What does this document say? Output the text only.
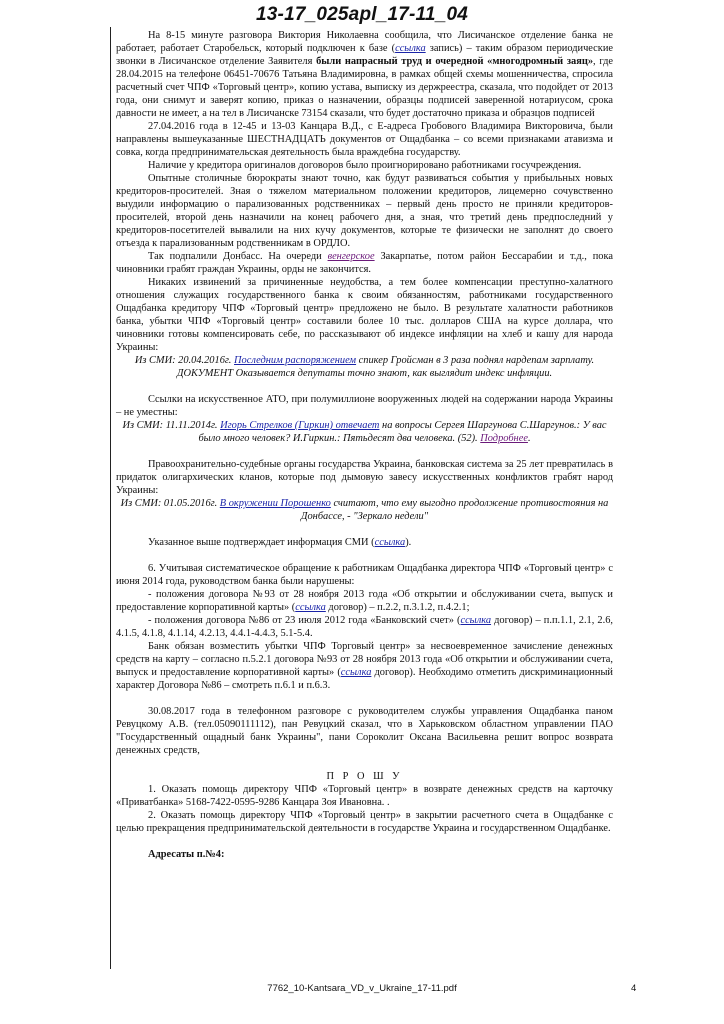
13-17_025apl_17-11_04

На 8-15 минуте разговора Виктория Николаевна сообщила, что Лисичанское отделение банка не работает, работает Старобельск, который подключен к базе (ссылка запись) – таким образом периодические звонки в Лисичанское отделение Заявителя были напрасный труд и очередной «многодромный заяц», где 28.04.2015 на телефоне 06451-70676 Татьяна Владимировна, в рамках общей схемы мошенничества, спросила расчетный счет ЧПФ «Торговый центр», копию устава, выписку из держреестра, сказала, что подойдет от 2013 года, они снимут и заверят копию, приказ о назначении, образцы подписей заверенной нотариусом, срока давности не имеет, а на тел в Лисичанске 73154 сказали, что будет достаточно приказа и образцов подписей

27.04.2016 года в 12-45 и 13-03 Канцара В.Д., с Е-адреса Гробового Владимира Викторовича, были направлены вышеуказанные ШЕСТНАДЦАТЬ документов от Ощадбанка – со всеми признаками атавизма и совка, когда предпринимательская деятельность была враждебна государству.

Наличие у кредитора оригиналов договоров было проигнорировано работниками госучреждения.

Опытные столичные бюрократы знают точно, как будут развиваться события у прибыльных новых кредиторов-просителей. Зная о тяжелом материальном положении кредиторов, лицемерно сочувственно выудили информацию о парализованных родственниках – первый день просто не приняли кредиторов-просителей, второй день назначили на конец рабочего дня, а зная, что третий день предпоследний у кредиторов-посетителей вывалили на них кучу документов, которые те физически не заполнят до своего отъезда к парализованным родственникам в ОРДЛО.

Так подпалили Донбасс. На очереди венгерское Закарпатье, потом район Бессарабии и т.д., пока чиновники грабят граждан Украины, орды не закончится.

Никаких извинений за причиненные неудобства, а тем более компенсации преступно-халатного отношения служащих государственного банка к своим обязанностям, работниками государственного Ощадбанка кредитору ЧПФ «Торговый центр» предложено не было. В результате халатности работников банка, убытки ЧПФ «Торговый центр» составили более 10 тыс. долларов США на курсе доллара, что чиновники готовы компенсировать себе, по рассказывают об индексе инфляции на хлеб и кашу для народа Украины:

Из СМИ: 20.04.2016г. Последним распоряжением спикер Гройсман в 3 раза поднял нардепам зарплату. ДОКУМЕНТ Оказывается депутаты точно знают, как выглядит индекс инфляции.

Ссылки на искусственное АТО, при полумиллионе вооруженных людей на содержании народа Украины – не уместны:

Из СМИ: 11.11.2014г. Игорь Стрелков (Гиркин) отвечает на вопросы Сергея Шаргунова С.Шаргунов.: У вас было много человек? И.Гиркин.: Пятьдесят два человека. (52). Подробнее.

Правоохранительно-судебные органы государства Украина, банковская система за 25 лет превратилась в придаток олигархических кланов, которые под дымовую завесу искусственных конфликтов грабят народ Украины:

Из СМИ: 01.05.2016г. В окружении Порошенко считают, что ему выгодно продолжение противостояния на Донбассе, - "Зеркало недели"

Указанное выше подтверждает информация СМИ (ссылка).

6. Учитывая систематическое обращение к работникам Ощадбанка директора ЧПФ «Торговый центр» с июня 2014 года, руководством банка были нарушены:

- положения договора №93 от 28 ноября 2013 года «Об открытии и обслуживании счета, выпуск и предоставление корпоративной карты» (ссылка договор) – п.2.2, п.3.1.2, п.4.2.1;

- положения договора №86 от 23 июля 2012 года «Банковский счет» (ссылка договор) – п.п.1.1, 2.1, 2.6, 4.1.5, 4.1.8, 4.1.14, 4.2.13, 4.4.1-4.4.3, 5.1-5.4.

Банк обязан возместить убытки ЧПФ Торговый центр» за несвоевременное зачисление денежных средств на карту – согласно п.5.2.1 договора №93 от 28 ноября 2013 года «Об открытии и обслуживании счета, выпуск и предоставление корпоративной карты» (ссылка договор). Необходимо отметить дискриминационный характер Договора №86 – смотреть п.6.1 и п.6.3.

30.08.2017 года в телефонном разговоре с руководителем службы управления Ощадбанка паном Ревуцкому А.В. (тел.05090111112), пан Ревуцкий сказал, что в Харьковском областном управлении ПАО "Государственный ощадный банк Украины", пани Сороколит Оксана Васильевна решит вопрос возврата денежных средств,

П Р О Ш У

1. Оказать помощь директору ЧПФ «Торговый центр» в возврате денежных средств на карточку «Приватбанка» 5168-7422-0595-9286 Канцара Зоя Ивановна. .

2. Оказать помощь директору ЧПФ «Торговый центр» в закрытии расчетного счета в Ощадбанке с целью прекращения предпринимательской деятельности в государстве Украина и государственном Ощадбанке.

Адресаты п.№4:

7762_10-Kantsara_VD_v_Ukraine_17-11.pdf	4
